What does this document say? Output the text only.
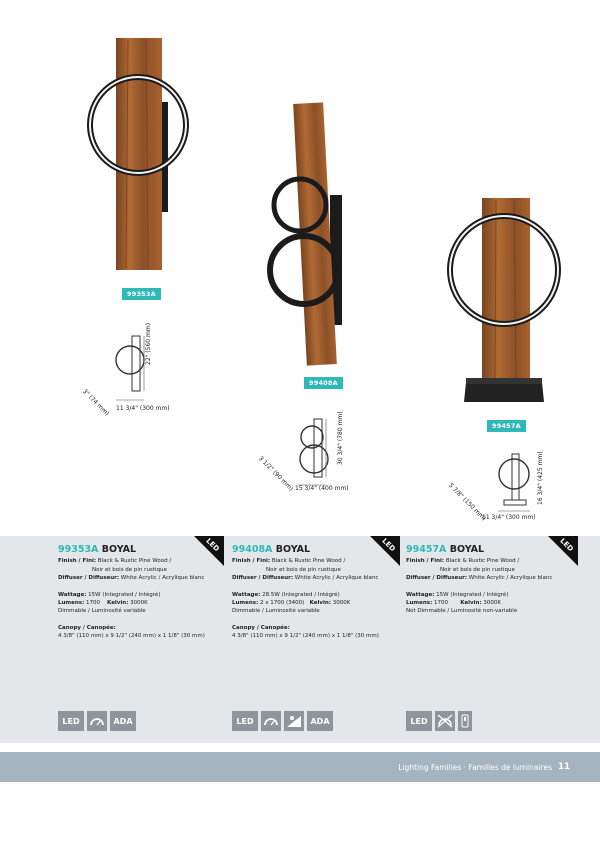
99353A
99408A
99457A
22" (560 mm)
11 3/4" (300 mm)
3" (74 mm)
30 3/4" (780 mm)
15 3/4" (400 mm)
3 1/2" (90 mm)	16 3/4" (425 mm)
11 3/4" (300 mm)
5 7/8" (150 mm)
LED	LED	LED
99353A BOYAL
Finish / Fini: Black & Rustic Pine Wood /
Noir et bois de pin rustique
Diffuser / Diffuseur: White Acrylic / Acrylique blanc
Wattage: 15W (Integrated / Intégré)
Lumens: 1700 Kelvin: 3000K
Dimmable / Luminosité variable
Canopy / Canopée:
4 3/8" (110 mm) x 9 1/2" (240 mm) x 1 1/8" (30 mm)
99408A BOYAL
Finish / Fini: Black & Rustic Pine Wood /
Noir et bois de pin rustique
Diffuser / Diffuseur: White Acrylic / Acrylique blanc
Wattage: 28.5W (Integrated / Intégré)
Lumens: 2 x 1700 (3400) Kelvin: 3000K
Dimmable / Luminosité variable
Canopy / Canopée:
4 3/8" (110 mm) x 9 1/2" (240 mm) x 1 1/8" (30 mm)
99457A BOYAL
Finish / Fini: Black & Rustic Pine Wood /
Noir et bois de pin rustique
Diffuser / Diffuseur: White Acrylic / Acrylique blanc
Wattage: 15W (Integrated / Intégré)
Lumens: 1700 Kelvin: 3000K
Not Dimmable / Luminosité non-variable
LED	ADA	LED	ADA	LED
Lighting Families · Familles de luminaires 11
